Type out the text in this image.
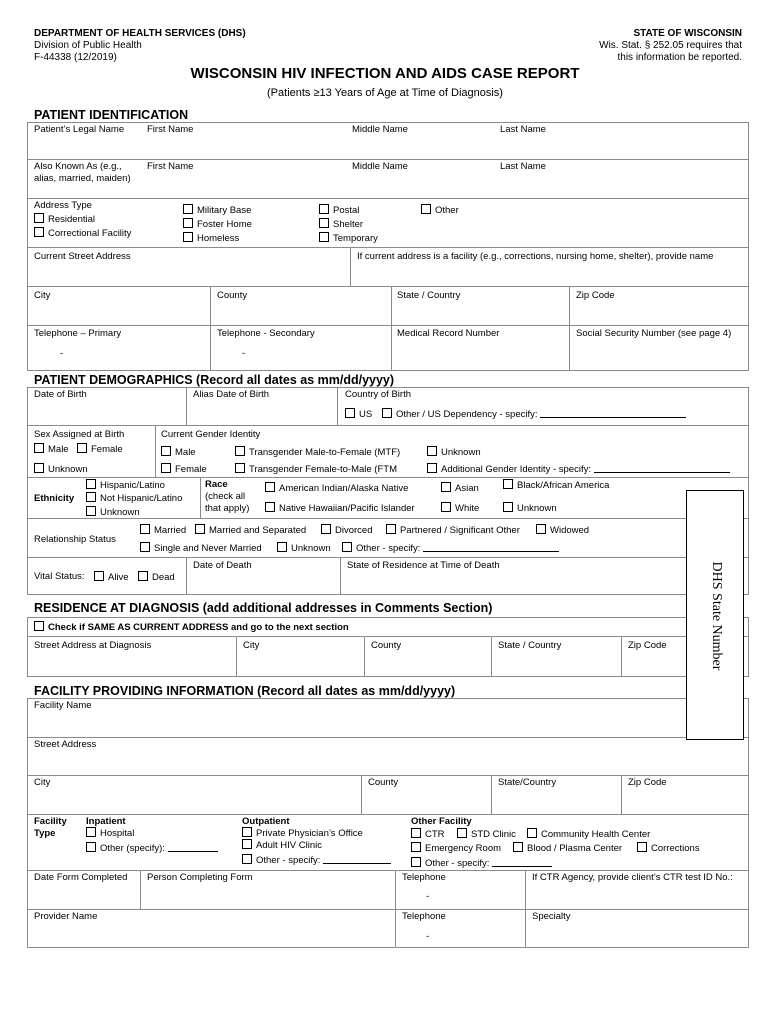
DEPARTMENT OF HEALTH SERVICES (DHS)
Division of Public Health
F-44338 (12/2019)
STATE OF WISCONSIN
Wis. Stat. § 252.05 requires that
this information be reported.
WISCONSIN HIV INFECTION AND AIDS CASE REPORT
(Patients ≥13 Years of Age at Time of Diagnosis)
PATIENT IDENTIFICATION
Patient’s Legal Name First Name	Middle Name	Last Name
Also Known As (e.g.,
alias, married, maiden)
First Name	Middle Name	Last Name
Address Type
Residential
Correctional Facility
Military Base
Foster Home
Homeless
Postal
Shelter
Temporary
Other
Current Street Address	If current address is a facility (e.g., corrections, nursing home, shelter), provide name
City	County	State / Country	Zip Code
Telephone – Primary	Telephone - Secondary	Medical Record Number	Social Security Number (see page 4)
-	-
PATIENT DEMOGRAPHICS (Record all dates as mm/dd/yyyy)
Date of Birth	Alias Date of Birth	Country of Birth
US	Other / US Dependency - specify:
Sex Assigned at Birth
Male	Female
Unknown
Current Gender Identity
Male
Female
Transgender Male-to-Female (MTF)
Transgender Female-to-Male (FTM
Unknown
Additional Gender Identity - specify:
Ethnicity
Hispanic/Latino
Not Hispanic/Latino
Unknown
Race
(check all
that apply)
American Indian/Alaska Native
Native Hawaiian/Pacific Islander
Asian
White
Black/African America
Unknown
Relationship Status
Married	Married and Separated	Divorced	Partnered / Significant Other	Widowed
Single and Never Married	Unknown	Other - specify:
Vital Status:	Alive	Dead
Date of Death	State of Residence at Time of Death
RESIDENCE AT DIAGNOSIS (add additional addresses in Comments Section)
Check if SAME AS CURRENT ADDRESS and go to the next section
Street Address at Diagnosis	City	County	State / Country	Zip Code
FACILITY PROVIDING INFORMATION (Record all dates as mm/dd/yyyy)
Facility Name
Street Address
City	County	State/Country	Zip Code
Facility
Type
Inpatient
Hospital
Other (specify):
Outpatient
Private Physician’s Office
Adult HIV Clinic
Other - specify:
Other Facility
CTR	STD Clinic	Community Health Center
Emergency Room	Blood / Plasma Center	Corrections
Other - specify:
Date Form Completed Person Completing Form	Telephone	If CTR Agency, provide client’s CTR test ID No.:
-
Provider Name	Telephone	Specialty
-
DHS State Number
